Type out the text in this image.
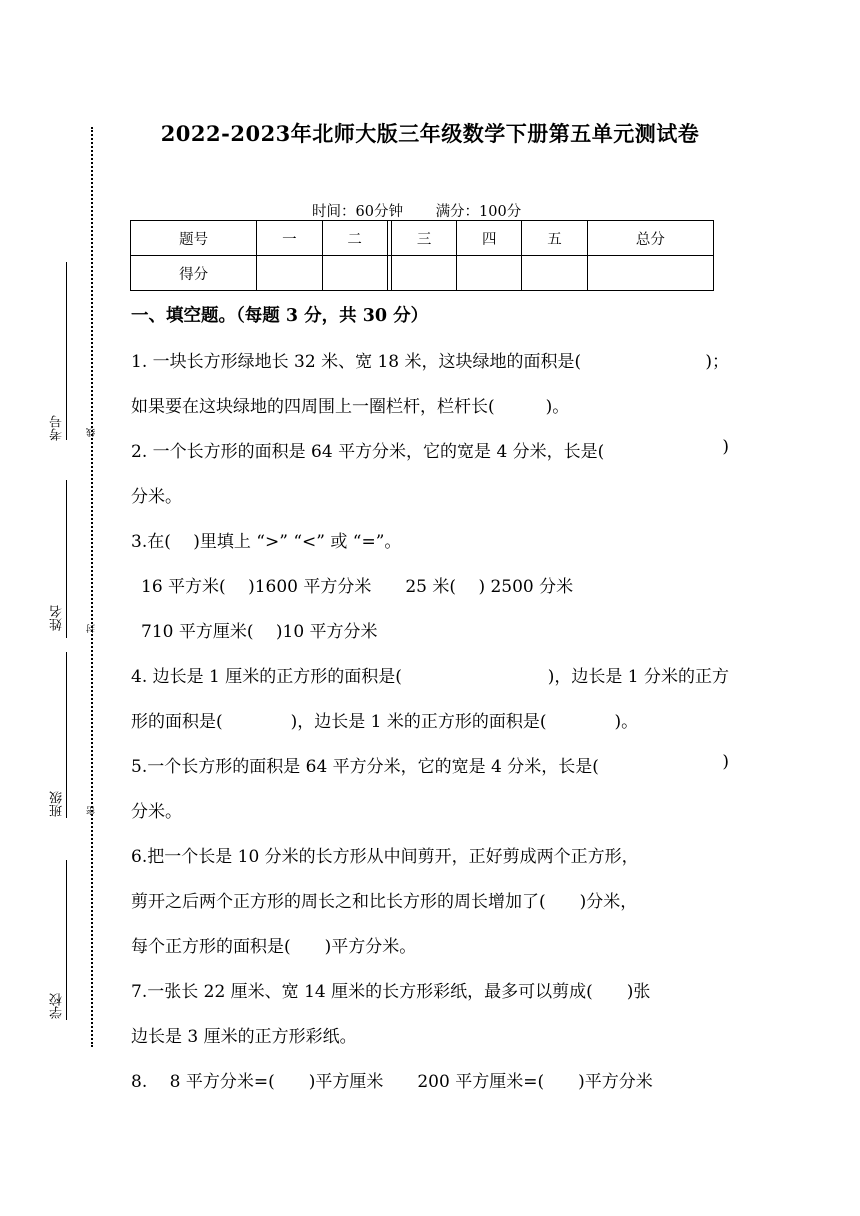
考号
姓名
班级
学校
线
封
密
2022-2023年北师大版三年级数学下册第五单元测试卷
时间：60分钟 满分：100分
题号	一	二		三	四	五	总分
得分							
一、填空题。（每题 3 分，共 30 分）
1. 一块长方形绿地长 32 米、宽 18 米，这块绿地的面积是(	)；
如果要在这块绿地的四周围上一圈栏杆，栏杆长(　　　)。
2. 一个长方形的面积是 64 平方分米，它的宽是 4 分米，长是(	)
分米。
3.在(　 )里填上 “>” “<” 或 “=”。
16 平方米(　 )1600 平方分米　　25 米(　 ) 2500 分米
710 平方厘米(　 )10 平方分米
4. 边长是 1 厘米的正方形的面积是(	)，边长是 1 分米的正方
形的面积是(　　　　)，边长是 1 米的正方形的面积是(　　　　)。
5.一个长方形的面积是 64 平方分米，它的宽是 4 分米，长是(	)
分米。
6.把一个长是 10 分米的长方形从中间剪开，正好剪成两个正方形，
剪开之后两个正方形的周长之和比长方形的周长增加了(　　)分米，
每个正方形的面积是(　　)平方分米。
7.一张长 22 厘米、宽 14 厘米的长方形彩纸，最多可以剪成(　　)张
边长是 3 厘米的正方形彩纸。
8.　 8 平方分米=(　　)平方厘米　　200 平方厘米=(　　)平方分米
